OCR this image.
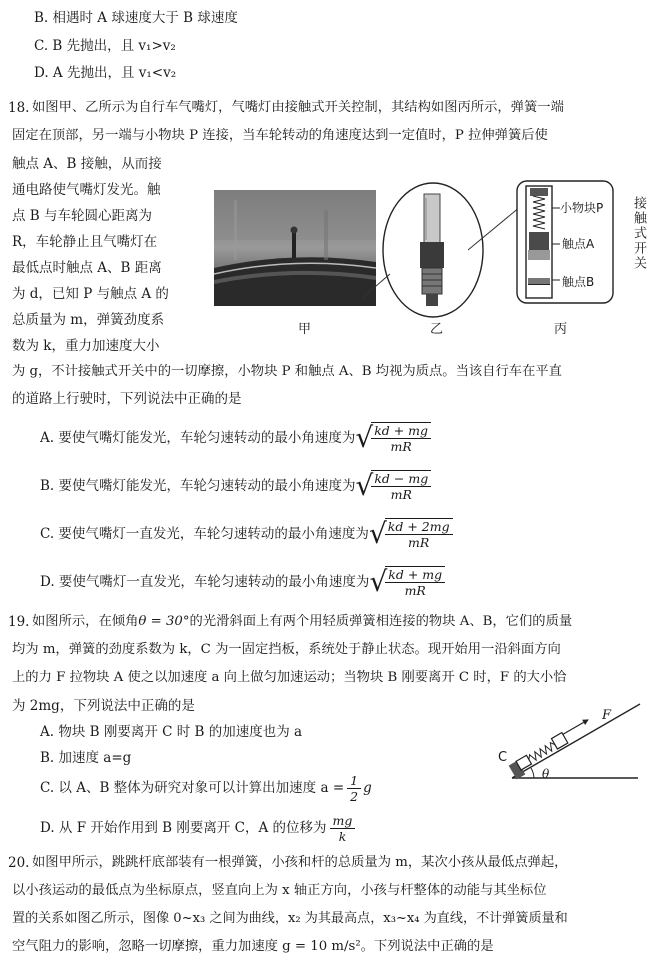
B. 相遇时 A 球速度大于 B 球速度
C. B 先抛出，且 v₁>v₂
D. A 先抛出，且 v₁<v₂
18. 如图甲、乙所示为自行车气嘴灯，气嘴灯由接触式开关控制，其结构如图丙所示，弹簧一端
固定在顶部，另一端与小物块 P 连接，当车轮转动的角速度达到一定值时，P 拉伸弹簧后使
触点 A、B 接触，从而接
通电路使气嘴灯发光。触
点 B 与车轮圆心距离为
R，车轮静止且气嘴灯在
最低点时触点 A、B 距离
为 d，已知 P 与触点 A 的
总质量为 m，弹簧劲度系
数为 k，重力加速度大小
小物块P
触点A
触点B
接触式开关
甲	乙	丙
为 g，不计接触式开关中的一切摩擦，小物块 P 和触点 A、B 均视为质点。当该自行车在平直
的道路上行驶时，下列说法中正确的是
A. 要使气嘴灯能发光，车轮匀速转动的最小角速度为 √
$\frac{kd + mg}{mR}$
B. 要使气嘴灯能发光，车轮匀速转动的最小角速度为 √
$\frac{kd - mg}{mR}$
C. 要使气嘴灯一直发光，车轮匀速转动的最小角速度为 √
$\frac{kd + 2mg}{mR}$
D. 要使气嘴灯一直发光，车轮匀速转动的最小角速度为 √
$\frac{kd + mg}{mR}$
19. 如图所示，在倾角θ = 30°的光滑斜面上有两个用轻质弹簧相连接的物块 A、B，它们的质量
均为 m，弹簧的劲度系数为 k，C 为一固定挡板，系统处于静止状态。现开始用一沿斜面方向
上的力 F 拉物块 A 使之以加速度 a 向上做匀加速运动；当物块 B 刚要离开 C 时，F 的大小恰
为 2mg，下列说法中正确的是
A. 物块 B 刚要离开 C 时 B 的加速度也为 a
B. 加速度 a=g
C. 以 A、B 整体为研究对象可以计算出加速度 $a = \frac{1}{2}$ g
D. 从 F 开始作用到 B 刚要离开 C，A 的位移为 $\frac{mg}{k}$
C
F
θ
20. 如图甲所示，跳跳杆底部装有一根弹簧，小孩和杆的总质量为 m，某次小孩从最低点弹起，
以小孩运动的最低点为坐标原点，竖直向上为 x 轴正方向，小孩与杆整体的动能与其坐标位
置的关系如图乙所示，图像 0~x₃ 之间为曲线，x₂ 为其最高点，x₃~x₄ 为直线，不计弹簧质量和
空气阻力的影响，忽略一切摩擦，重力加速度 g = 10 m/s²。下列说法中正确的是
